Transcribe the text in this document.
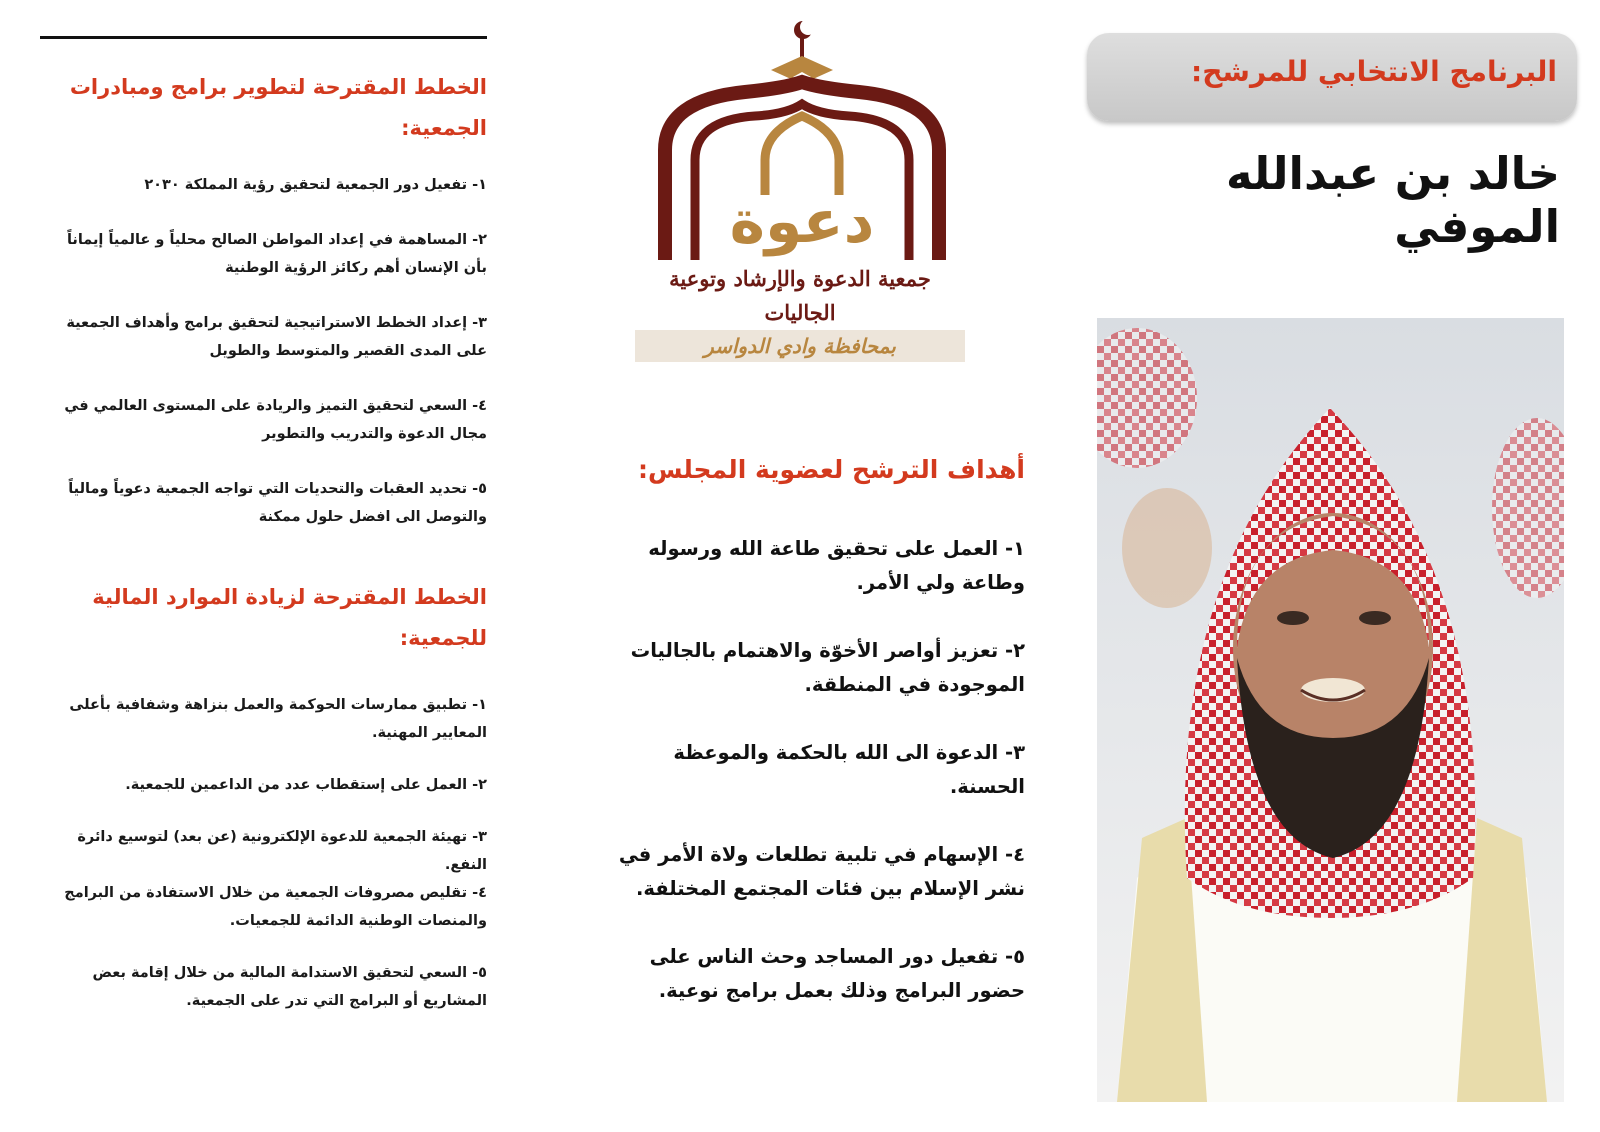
الخطط المقترحة لتطوير برامج ومبادرات الجمعية:
١- تفعيل دور الجمعية لتحقيق رؤية المملكة ٢٠٣٠
٢- المساهمة في إعداد المواطن الصالح محلياً و عالمياً إيماناً بأن الإنسان أهم ركائز الرؤية الوطنية
٣- إعداد الخطط الاستراتيجية لتحقيق برامج وأهداف الجمعية على المدى القصير والمتوسط والطويل
٤- السعي لتحقيق التميز والريادة على المستوى العالمي في مجال الدعوة والتدريب والتطوير
٥- تحديد العقبات والتحديات التي تواجه الجمعية دعوياً ومالياً والتوصل الى افضل حلول ممكنة
الخطط المقترحة لزيادة الموارد المالية للجمعية:
١- تطبيق ممارسات الحوكمة والعمل بنزاهة وشفافية بأعلى المعايير المهنية.
٢- العمل على إستقطاب عدد من الداعمين للجمعية.
٣- تهيئة الجمعية للدعوة الإلكترونية (عن بعد) لتوسيع دائرة النفع.
٤- تقليص مصروفات الجمعية من خلال الاستفادة من البرامج والمنصات الوطنية الدائمة للجمعيات.
٥- السعي لتحقيق الاستدامة المالية من خلال إقامة بعض المشاريع أو البرامج التي تدر على الجمعية.
دعوة
جمعية الدعوة والإرشاد وتوعية الجاليات
بمحافظة وادي الدواسر
أهداف الترشح لعضوية المجلس:
١- العمل على تحقيق طاعة الله ورسوله وطاعة ولي الأمر.
٢- تعزيز أواصر الأخوّة والاهتمام بالجاليات الموجودة في المنطقة.
٣- الدعوة الى الله بالحكمة والموعظة الحسنة.
٤- الإسهام في تلبية تطلعات ولاة الأمر في نشر الإسلام بين فئات المجتمع المختلفة.
٥- تفعيل دور المساجد وحث الناس على حضور البرامج وذلك بعمل برامج نوعية.
البرنامج الانتخابي للمرشح:
خالد بن عبدالله الموفي
